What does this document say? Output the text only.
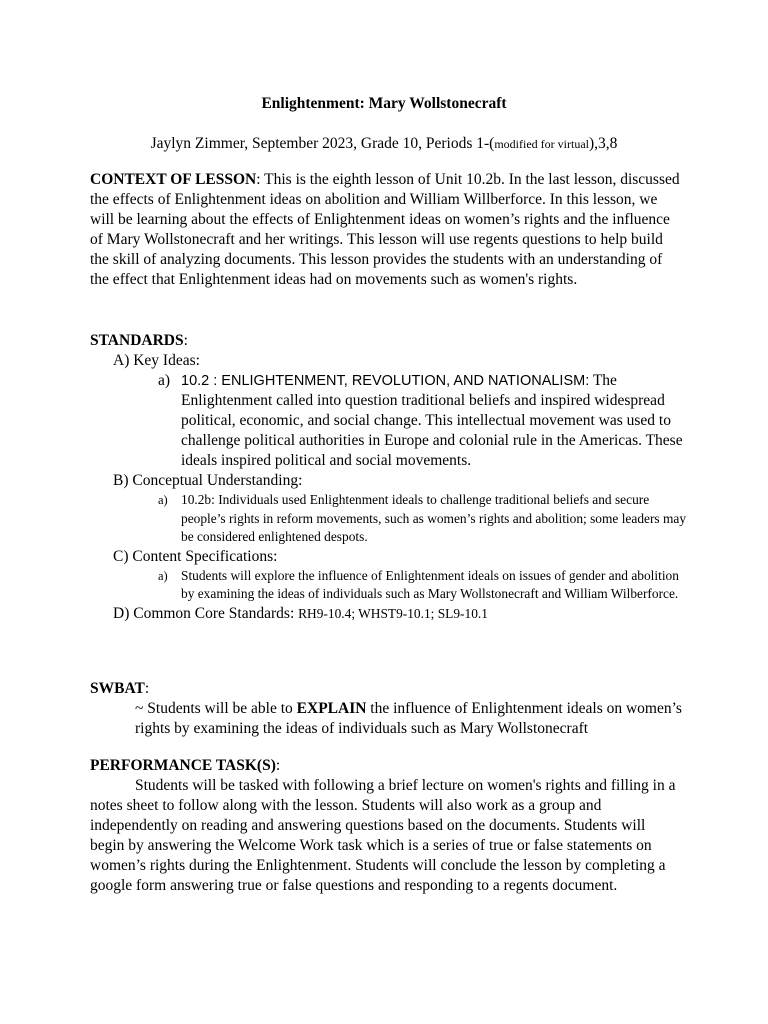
Enlightenment: Mary Wollstonecraft
Jaylyn Zimmer, September 2023, Grade 10, Periods 1-(modified for virtual),3,8
CONTEXT OF LESSON: This is the eighth lesson of Unit 10.2b. In the last lesson, discussed the effects of Enlightenment ideas on abolition and William Willberforce. In this lesson, we will be learning about the effects of Enlightenment ideas on women’s rights and the influence of Mary Wollstonecraft and her writings. This lesson will use regents questions to help build the skill of analyzing documents. This lesson provides the students with an understanding of the effect that Enlightenment ideas had on movements such as women's rights.
STANDARDS:
A) Key Ideas:
a) 10.2 : ENLIGHTENMENT, REVOLUTION, AND NATIONALISM: The Enlightenment called into question traditional beliefs and inspired widespread political, economic, and social change. This intellectual movement was used to challenge political authorities in Europe and colonial rule in the Americas. These ideals inspired political and social movements.
B) Conceptual Understanding:
a) 10.2b: Individuals used Enlightenment ideals to challenge traditional beliefs and secure people’s rights in reform movements, such as women’s rights and abolition; some leaders may be considered enlightened despots.
C) Content Specifications:
a) Students will explore the influence of Enlightenment ideals on issues of gender and abolition by examining the ideas of individuals such as Mary Wollstonecraft and William Wilberforce.
D) Common Core Standards: RH9-10.4; WHST9-10.1; SL9-10.1
SWBAT:
~ Students will be able to EXPLAIN the influence of Enlightenment ideals on women’s rights by examining the ideas of individuals such as Mary Wollstonecraft
PERFORMANCE TASK(S):
Students will be tasked with following a brief lecture on women's rights and filling in a notes sheet to follow along with the lesson. Students will also work as a group and independently on reading and answering questions based on the documents. Students will begin by answering the Welcome Work task which is a series of true or false statements on women’s rights during the Enlightenment. Students will conclude the lesson by completing a google form answering true or false questions and responding to a regents document.
